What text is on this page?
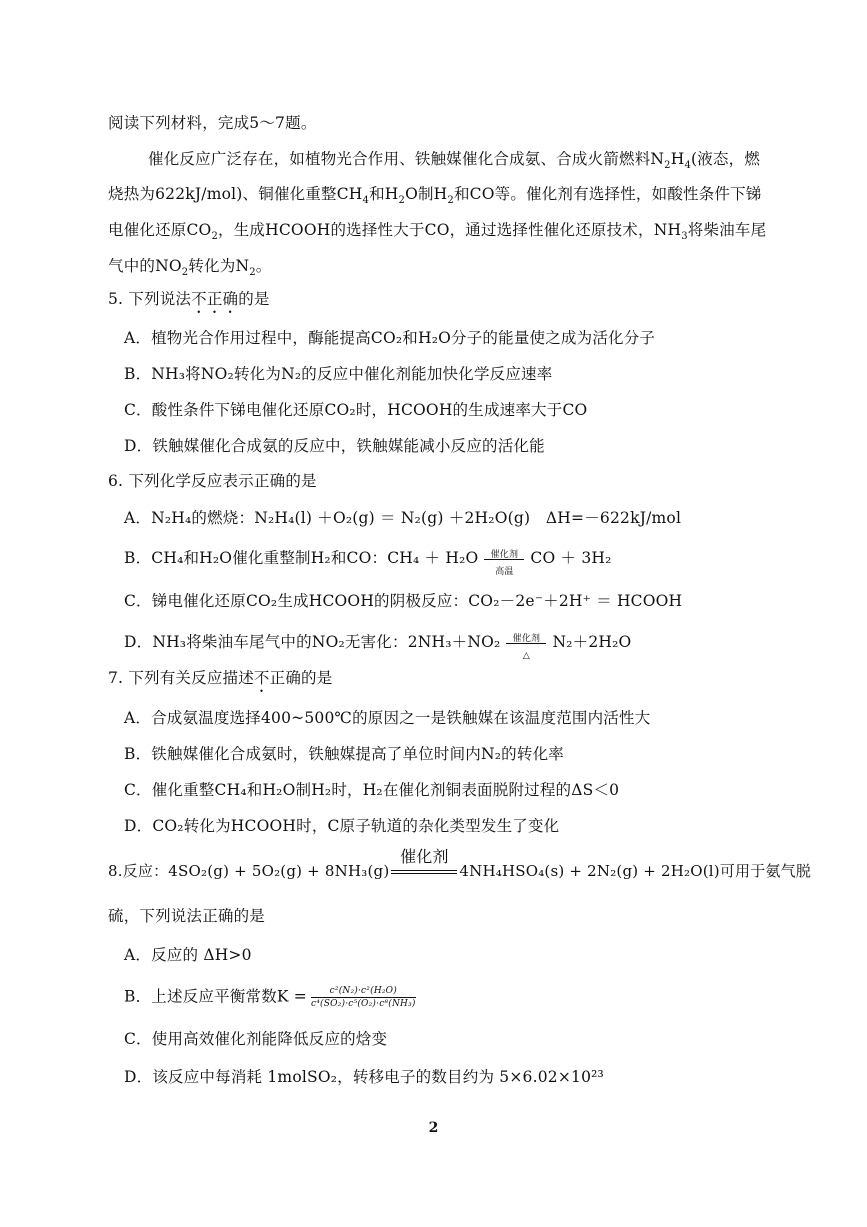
阅读下列材料，完成5～7题。
催化反应广泛存在，如植物光合作用、铁触媒催化合成氨、合成火箭燃料$N_2H_4$(液态，燃
烧热为622kJ/mol)、铜催化重整$CH_4$和$H_2O$制$H_2$和CO等。催化剂有选择性，如酸性条件下锑
电催化还原$CO_2$，生成HCOOH的选择性大于CO，通过选择性催化还原技术，$NH_3$将柴油车尾
气中的$NO_2$转化为$N_2$。
5. 下列说法不正确的是
A．植物光合作用过程中，酶能提高CO₂和H₂O分子的能量使之成为活化分子
B．NH₃将NO₂转化为N₂的反应中催化剂能加快化学反应速率
C．酸性条件下锑电催化还原CO₂时，HCOOH的生成速率大于CO
D．铁触媒催化合成氨的反应中，铁触媒能减小反应的活化能
6. 下列化学反应表示正确的是
A．N₂H₄的燃烧：N₂H₄(l) ＋O₂(g) ＝ N₂(g) ＋2H₂O(g)　ΔH=－622kJ/mol
B．CH₄和H₂O催化重整制H₂和CO：CH₄ ＋ H₂O	催化剂
高温
CO ＋ 3H₂
C．锑电催化还原CO₂生成HCOOH的阴极反应：CO₂－2e⁻＋2H⁺ ＝ HCOOH
D．NH₃将柴油车尾气中的NO₂无害化：2NH₃＋NO₂	催化剂
△
N₂＋2H₂O
7. 下列有关反应描述不正确的是
A．合成氨温度选择400~500℃的原因之一是铁触媒在该温度范围内活性大
B．铁触媒催化合成氨时，铁触媒提高了单位时间内N₂的转化率
C．催化重整CH₄和H₂O制H₂时，H₂在催化剂铜表面脱附过程的ΔS＜0
D．CO₂转化为HCOOH时，C原子轨道的杂化类型发生了变化
8.反应：4SO₂(g) + 5O₂(g) + 8NH₃(g)
催化剂
4NH₄HSO₄(s) + 2N₂(g) + 2H₂O(l)可用于氨气脱
硫，下列说法正确的是
A．反应的 ΔH>0
B．上述反应平衡常数$K = \frac{\text{c²(N₂)·c²(H₂O)}}{\text{c⁴(SO₂)·c⁵(O₂)·c⁸(NH₃)}}$
C．使用高效催化剂能降低反应的焓变
D．该反应中每消耗 1molSO₂，转移电子的数目约为 5×6.02×10²³
2
